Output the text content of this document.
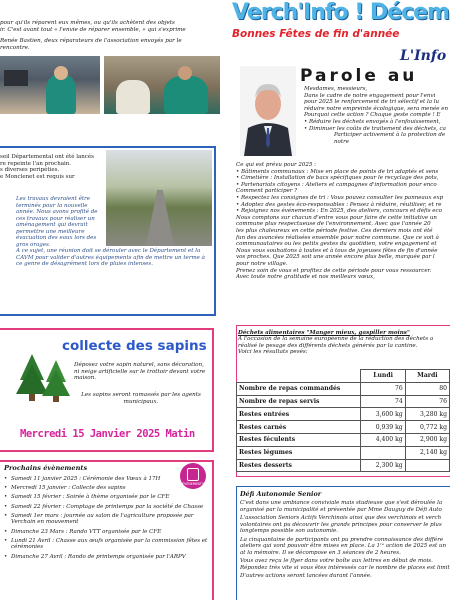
pour qu'ils réparent eux mêmes, ou qu'ils achètent des objets
ir. C'est avant tout « l'envie de réparer ensemble, » qui s'exprime
Renée Bastien, deux réparateurs de l'association envoyés par le
rencontre.
seil Départemental ont été lancés
re repeinte l'an prochain.
s diverses peripéties.
e Monclenet est requis sur
Les travaux devraient être terminés pour la nouvelle année. Nous avons profité de ces travaux pour réaliser un aménagement qui devrait permettre une meilleure évacuation des eaux lors des gros orages.
A ce sujet, une réunion doit se dérouler avec le Département et la CAVM pour valider d'autres équipements afin de mettre un terme à ce genre de désagrément lors de pluies intenses.
collecte des sapins
Déposez votre sapin naturel, sans décoration, ni neige artificielle sur le trottoir devant votre maison.
Les sapins seront ramassés par les agents municipaux.
Mercredi 15 Janvier 2025 Matin
Prochains évènements
ÉVÈNEMENTS
• Samedi 11 janvier 2025 : Cérémonie des Vœux à 17H
• Mercredi 15 janvier : Collecte des sapins
• Samedi 15 février : Soirée à thème organisée par le CFE
• Samedi 22 février : Comptage de printemps par la société de Chasse
• Samedi 1er mars : journée au salon de l'agriculture proposée par Verchain en mouvement
• Dimanche 23 Mars : Rando VTT organisée par le CFE
• Lundi 21 Avril : Chasse aux œufs organisée par la commission fêtes et cérémonies
• Dimanche 27 Avril : Rando de printemps organisée par l'ARPV
Verch'Info ! Décem
Bonnes Fêtes de fin d'année
L'Info
Parole au
Mesdames, messieurs,
Dans le cadre de notre engagement pour l'envi
pour 2025 le renforcement de tri sélectif et la lu
réduire notre empreinte écologique, sera menée en
Pourquoi cette action ? Chaque geste compte ! E
• Réduire les déchets envoyés à l'enfouissement,
• Diminuer les coûts de traitement des déchets, ca
Participer activement à la protection de notre

Ce qui est prévu pour 2025 :

• Bâtiments communaux : Mise en place de points de tri adaptés et sens

• Cimetière : Installation de bacs spécifiques pour le recyclage des pots,

• Partenariats citoyens : Ateliers et campagnes d'information pour enco

Comment participer ?

• Respectez les consignes de tri : Vous pouvez consulter les panneaux exp

• Adoptez des gestes éco-responsables : Pensez à réduire, réutiliser, et re

• Rejoignez nos événements : En 2025, des ateliers, concours et défis eco

Nous comptons sur chacun d'entre vous pour faire de cette initiative un

commune plus respectueuse de l'environnement. Avec que l'année 20

les plus chaleureux en cette période festive. Ces derniers mois ont été

fun des avancées réalisées ensemble pour notre commune. Que ce soit à

communautaires ou les petits gestes du quotidien, votre engagement et

Nous vous souhaitons à toutes et à tous de joyeuses fêtes de fin d'année

vos proches. Que 2025 soit une année encore plus belle, marquée par l

pour notre village.

Prenez soin de vous et profitez de cette période pour vous ressourcer.

Avec toute notre gratitude et nos meilleurs vœux,

Déchets alimentaires "Manger mieux, gaspiller moins"
A l'occasion de la semaine européenne de la réduction des déchets a réalisé le pesage des différents déchets générés par la cantine.
Voici les résultats pesés:
	Lundi	Mardi
Nombre de repas commandés	76	80
Nombre de repas servis	74	76
Restes entrées	3,600 kg	3,280 kg
Restes carnés	0,939 kg	0,772 kg
Restes féculents	4,400 kg	2,900 kg
Restes légumes		2,140 kg
Restes desserts	2,300 kg	
Défi Autonomie Senior

C'est dans une ambiance conviviale mais studieuse que s'est déroulée la organisé par la municipalité et présentée par Mme Dauguy de Défi Auto

L'association Seniors Actifs Verchinois ainsi que des verchinois et verch volontaires ont pu découvrir les grands principes pour conserver le plus longtemps possible son autonomie.

La cinquantaine de participants ont pu prendre connaissance des différe ateliers qui vont pouvoir être mises en place. La 1ʳᵉ action de 2025 est un at la mémoire. Il se décompose en 3 séances de 2 heures.

Vous avez reçu le flyer dans votre boîte aux lettres en début de mois. Répondez très vite si vous êtes intéressés car le nombre de places est limit

D'autres actions seront lancées durant l'année.
